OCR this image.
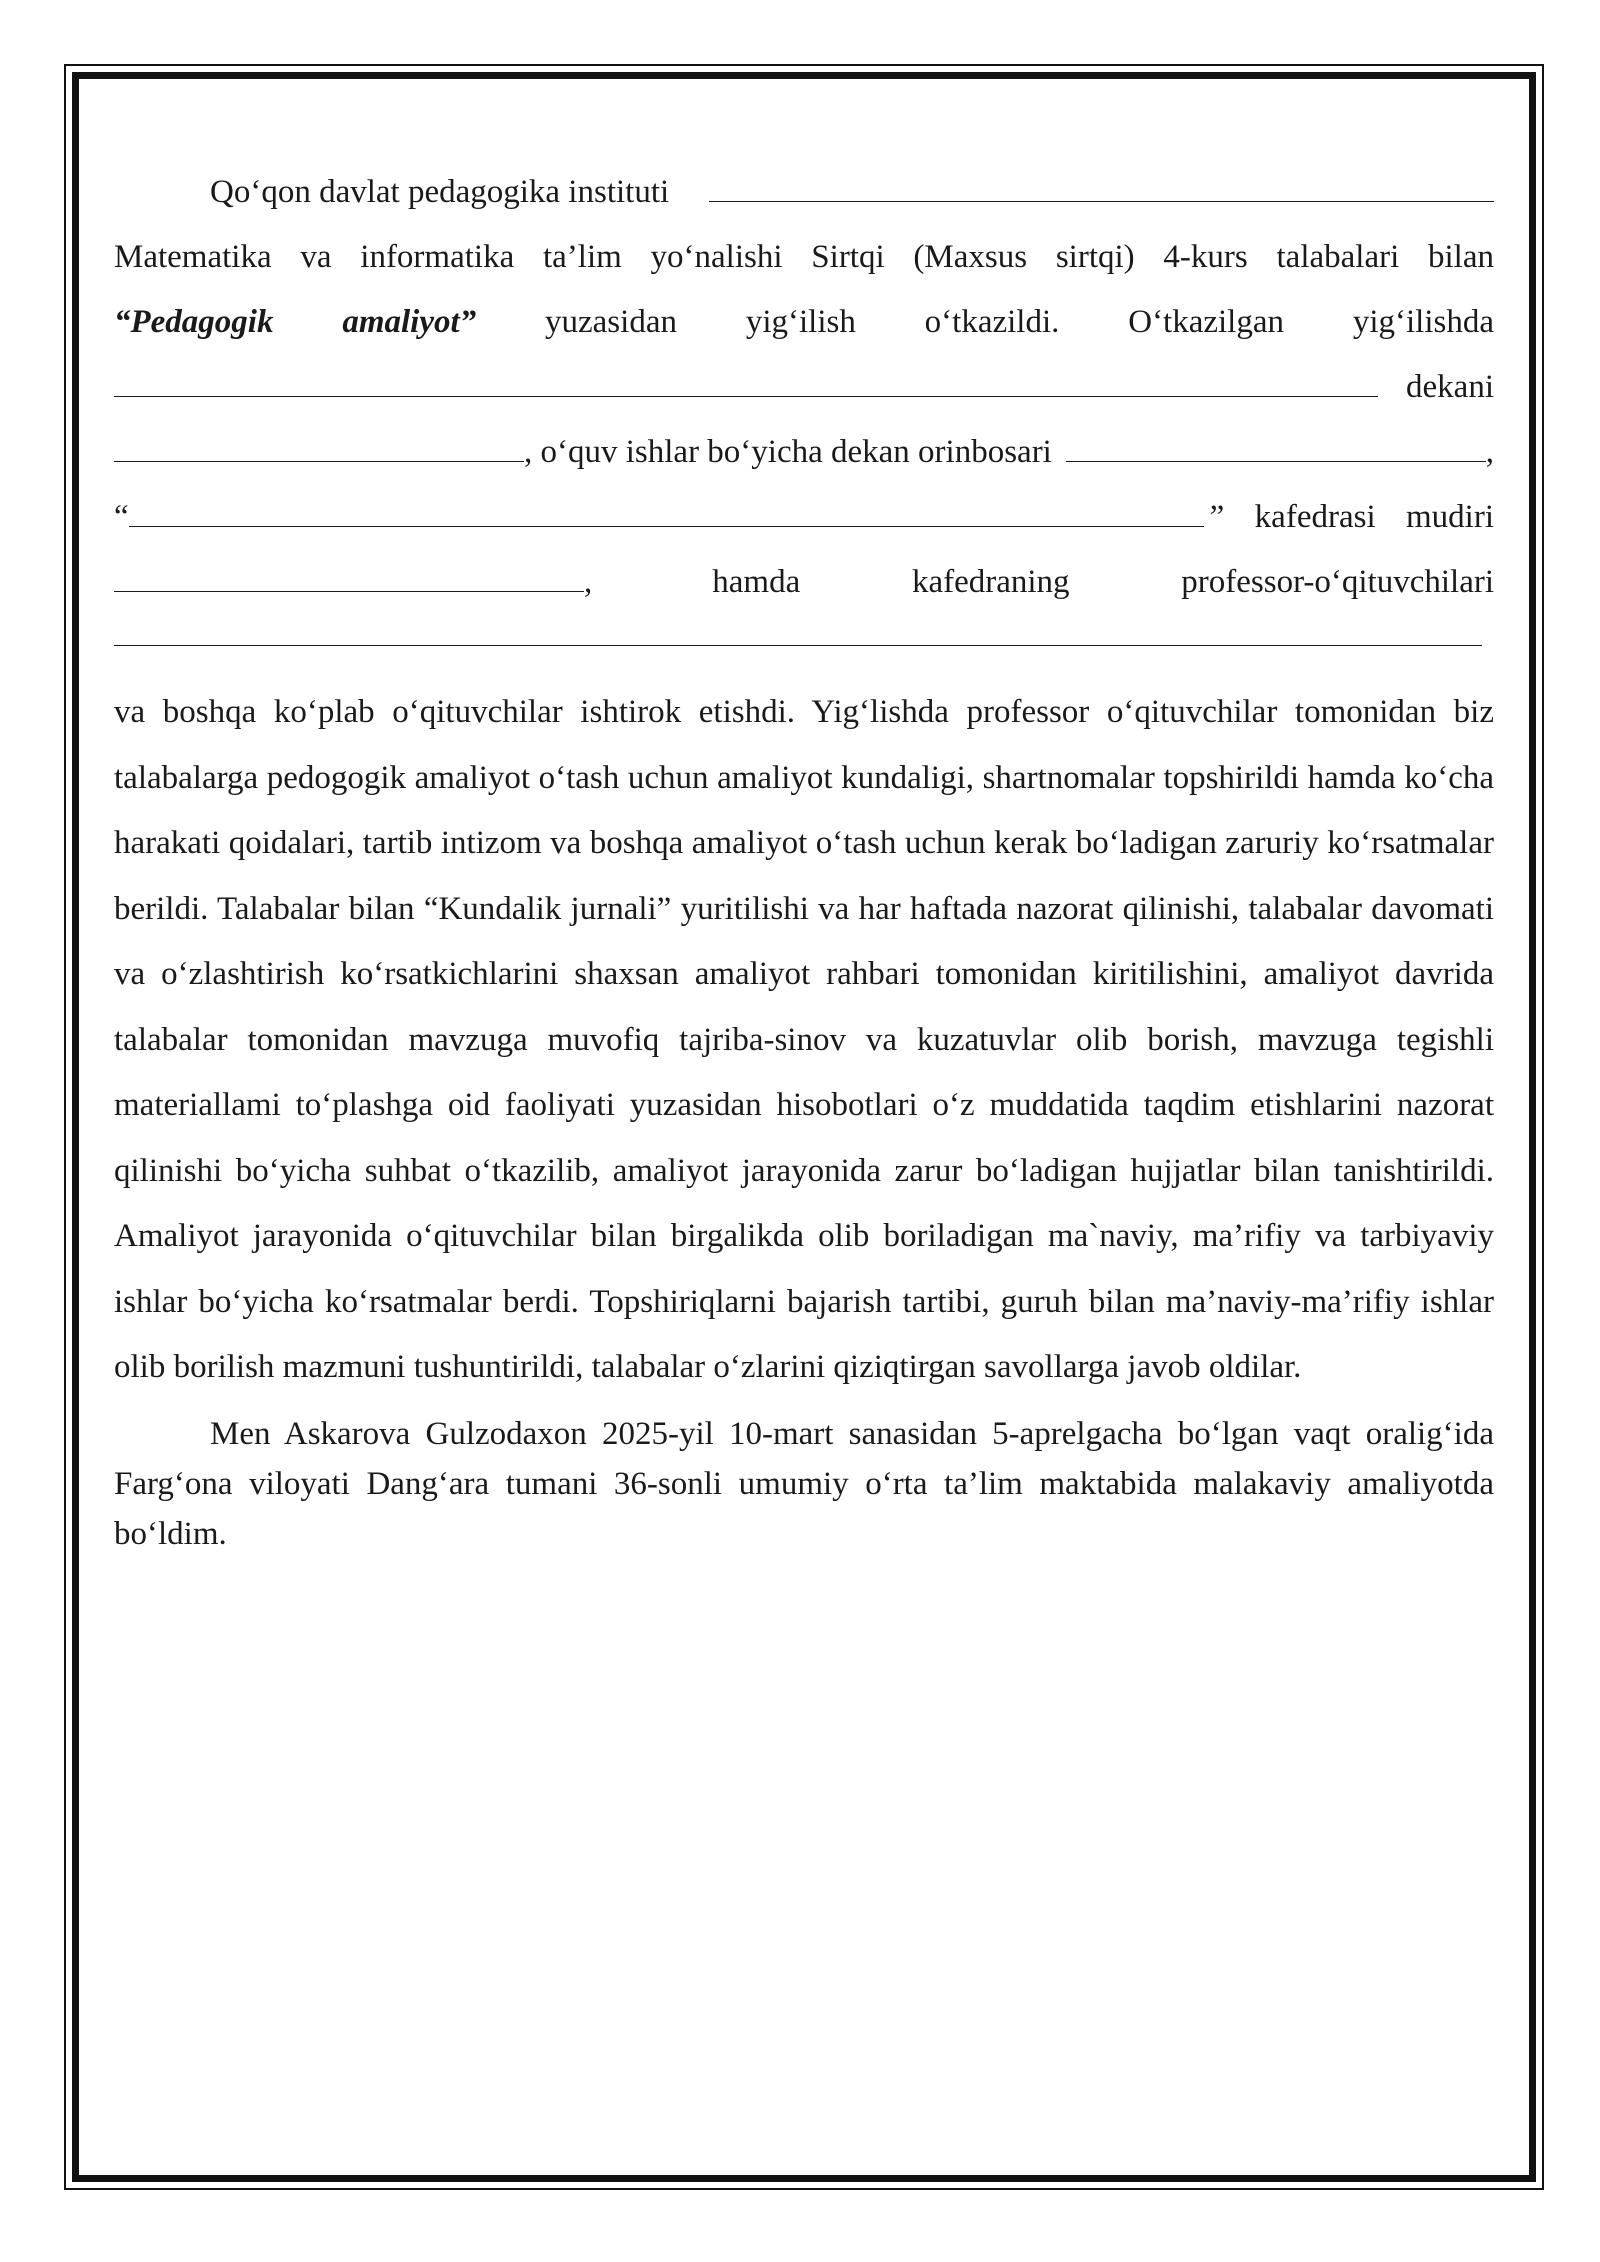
Qo‘qon davlat pedagogika instituti
Matematika va informatika ta’lim yo‘nalishi Sirtqi (Maxsus sirtqi) 4-kurs talabalari bilan
“Pedagogik amaliyot” yuzasidan yig‘ilish o‘tkazildi. O‘tkazilgan yig‘ilishda
dekani
, o‘quv ishlar bo‘yicha dekan orinbosari	,
“	” kafedrasi mudiri
,	hamda kafedraning professor-o‘qituvchilari
va boshqa ko‘plab o‘qituvchilar ishtirok etishdi. Yig‘lishda professor o‘qituvchilar tomonidan biz talabalarga pedogogik amaliyot o‘tash uchun amaliyot kundaligi, shartnomalar topshirildi hamda ko‘cha harakati qoidalari, tartib intizom va boshqa amaliyot o‘tash uchun kerak bo‘ladigan zaruriy ko‘rsatmalar berildi. Talabalar bilan “Kundalik jurnali” yuritilishi va har haftada nazorat qilinishi, talabalar davomati va o‘zlashtirish ko‘rsatkichlarini shaxsan amaliyot rahbari tomonidan kiritilishini, amaliyot davrida talabalar tomonidan mavzuga muvofiq tajriba-sinov va kuzatuvlar olib borish, mavzuga tegishli materiallami to‘plashga oid faoliyati yuzasidan hisobotlari o‘z muddatida taqdim etishlarini nazorat qilinishi bo‘yicha suhbat o‘tkazilib, amaliyot jarayonida zarur bo‘ladigan hujjatlar bilan tanishtirildi. Amaliyot jarayonida o‘qituvchilar bilan birgalikda olib boriladigan ma`naviy, ma’rifiy va tarbiyaviy ishlar bo‘yicha ko‘rsatmalar berdi. Topshiriqlarni bajarish tartibi, guruh bilan ma’naviy-ma’rifiy ishlar olib borilish mazmuni tushuntirildi, talabalar o‘zlarini qiziqtirgan savollarga javob oldilar.
Men Askarova Gulzodaxon 2025-yil 10-mart sanasidan 5-aprelgacha bo‘lgan vaqt oralig‘ida Farg‘ona viloyati Dang‘ara tumani 36-sonli umumiy o‘rta ta’lim maktabida malakaviy amaliyotda bo‘ldim.
